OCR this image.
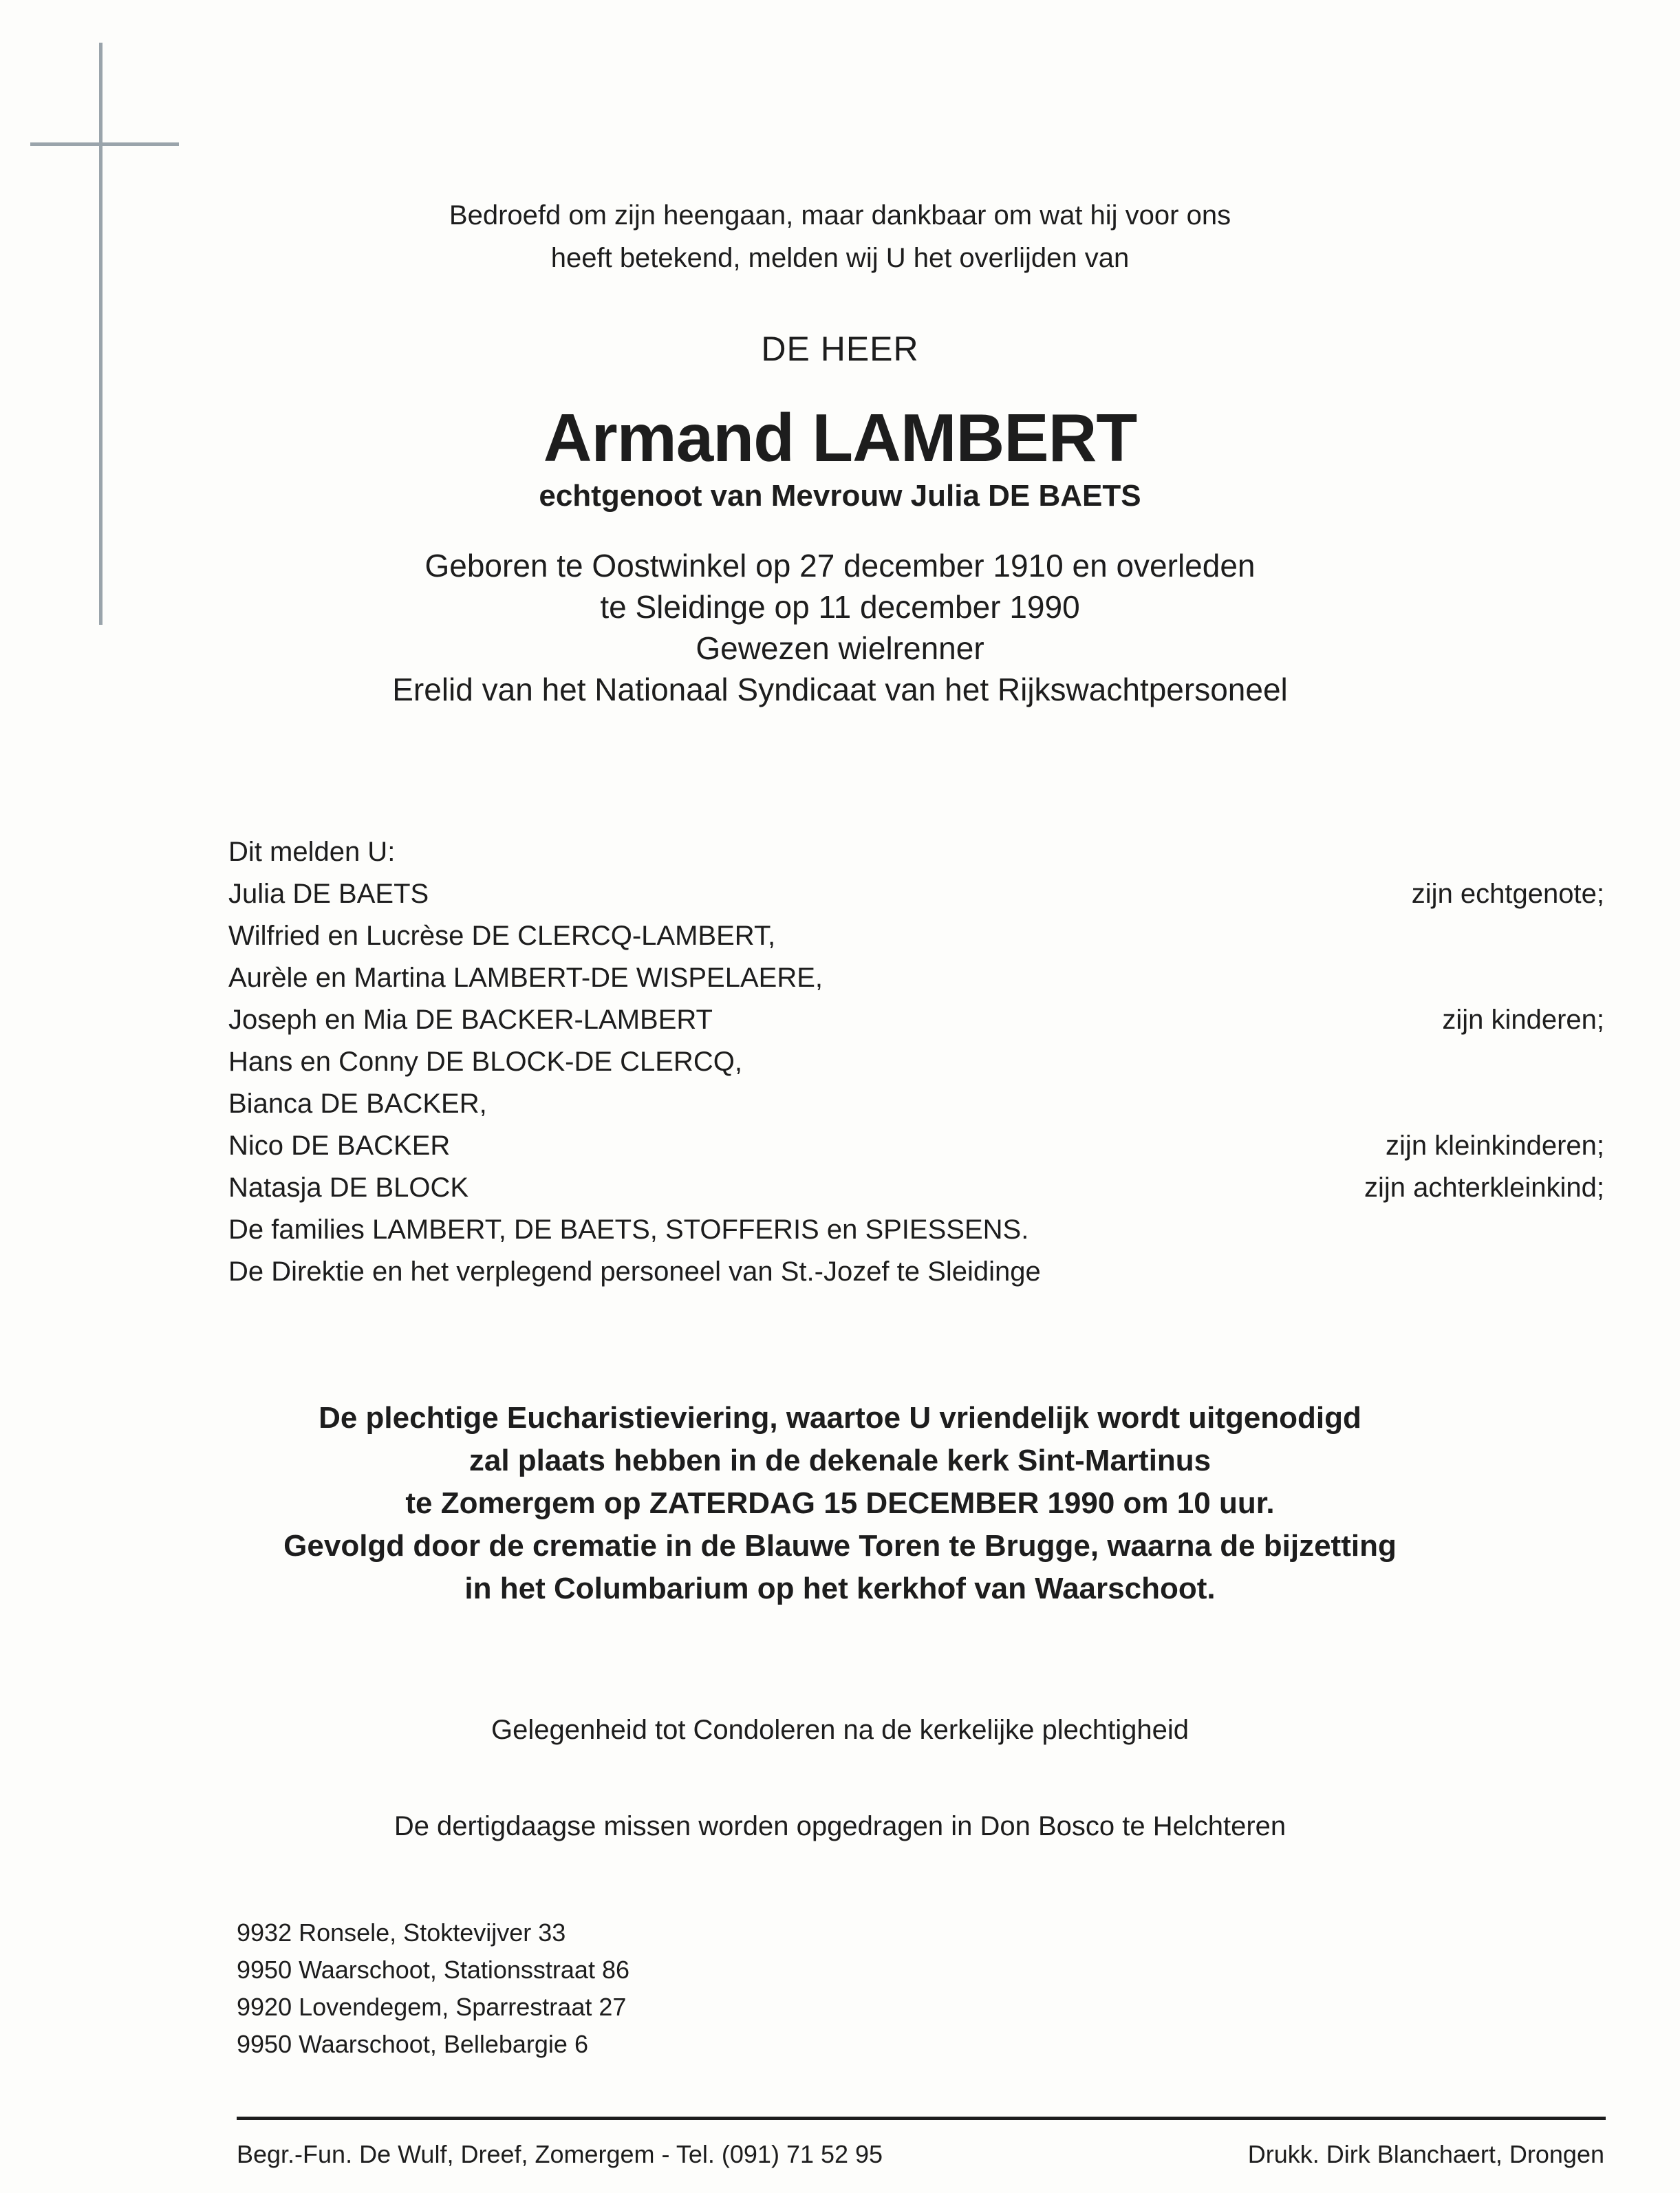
Bedroefd om zijn heengaan, maar dankbaar om wat hij voor ons
heeft betekend, melden wij U het overlijden van
DE HEER
Armand LAMBERT
echtgenoot van Mevrouw Julia DE BAETS
Geboren te Oostwinkel op 27 december 1910 en overleden
te Sleidinge op 11 december 1990
Gewezen wielrenner
Erelid van het Nationaal Syndicaat van het Rijkswachtpersoneel
Dit melden U:
Julia DE BAETS	zijn echtgenote;
Wilfried en Lucrèse DE CLERCQ-LAMBERT,
Aurèle en Martina LAMBERT-DE WISPELAERE,
Joseph en Mia DE BACKER-LAMBERT	zijn kinderen;
Hans en Conny DE BLOCK-DE CLERCQ,
Bianca DE BACKER,
Nico DE BACKER	zijn kleinkinderen;
Natasja DE BLOCK	zijn achterkleinkind;
De families LAMBERT, DE BAETS, STOFFERIS en SPIESSENS.
De Direktie en het verplegend personeel van St.-Jozef te Sleidinge
De plechtige Eucharistieviering, waartoe U vriendelijk wordt uitgenodigd
zal plaats hebben in de dekenale kerk Sint-Martinus
te Zomergem op ZATERDAG 15 DECEMBER 1990 om 10 uur.
Gevolgd door de crematie in de Blauwe Toren te Brugge, waarna de bijzetting
in het Columbarium op het kerkhof van Waarschoot.
Gelegenheid tot Condoleren na de kerkelijke plechtigheid
De dertigdaagse missen worden opgedragen in Don Bosco te Helchteren
9932 Ronsele, Stoktevijver 33
9950 Waarschoot, Stationsstraat 86
9920 Lovendegem, Sparrestraat 27
9950 Waarschoot, Bellebargie 6
Begr.-Fun. De Wulf, Dreef, Zomergem - Tel. (091) 71 52 95	Drukk. Dirk Blanchaert, Drongen
